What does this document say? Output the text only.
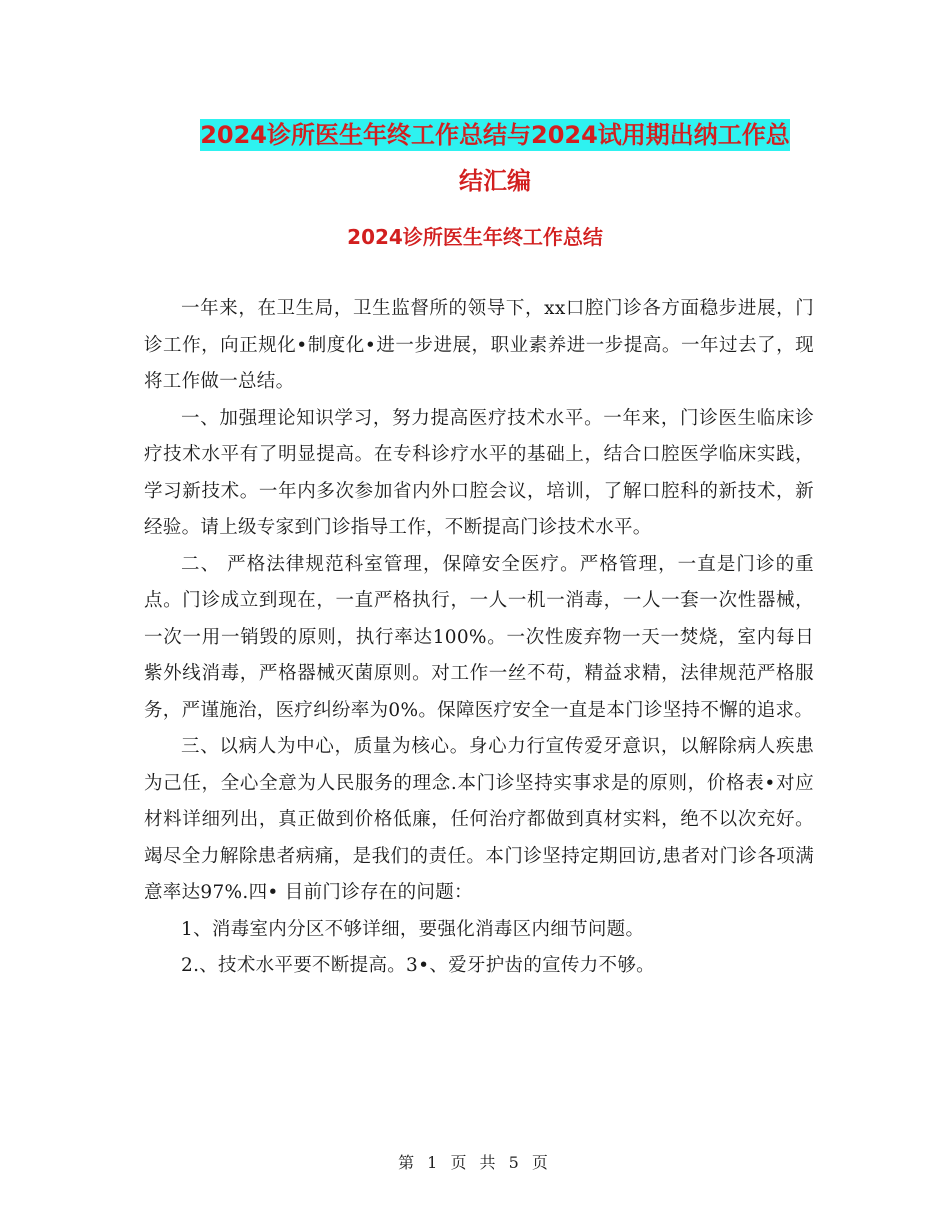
2024诊所医生年终工作总结与2024试用期出纳工作总
结汇编
2024诊所医生年终工作总结

一年来，在卫生局，卫生监督所的领导下，xx口腔门诊各方面稳步进展，门诊工作，向正规化•制度化•进一步进展，职业素养进一步提高。一年过去了，现将工作做一总结。

一、加强理论知识学习，努力提高医疗技术水平。一年来，门诊医生临床诊疗技术水平有了明显提高。在专科诊疗水平的基础上，结合口腔医学临床实践，学习新技术。一年内多次参加省内外口腔会议，培训，了解口腔科的新技术，新经验。请上级专家到门诊指导工作，不断提高门诊技术水平。

二、 严格法律规范科室管理，保障安全医疗。严格管理，一直是门诊的重点。门诊成立到现在，一直严格执行，一人一机一消毒，一人一套一次性器械，一次一用一销毁的原则，执行率达100%。一次性废弃物一天一焚烧，室内每日紫外线消毒，严格器械灭菌原则。对工作一丝不苟，精益求精，法律规范严格服务，严谨施治，医疗纠纷率为0%。保障医疗安全一直是本门诊坚持不懈的追求。

三、以病人为中心，质量为核心。身心力行宣传爱牙意识，以解除病人疾患为己任，全心全意为人民服务的理念.本门诊坚持实事求是的原则，价格表•对应材料详细列出，真正做到价格低廉，任何治疗都做到真材实料，绝不以次充好。竭尽全力解除患者病痛，是我们的责任。本门诊坚持定期回访,患者对门诊各项满意率达97%.四• 目前门诊存在的问题：

1、消毒室内分区不够详细，要强化消毒区内细节问题。

2.、技术水平要不断提高。3•、爱牙护齿的宣传力不够。

第 1 页 共 5 页
